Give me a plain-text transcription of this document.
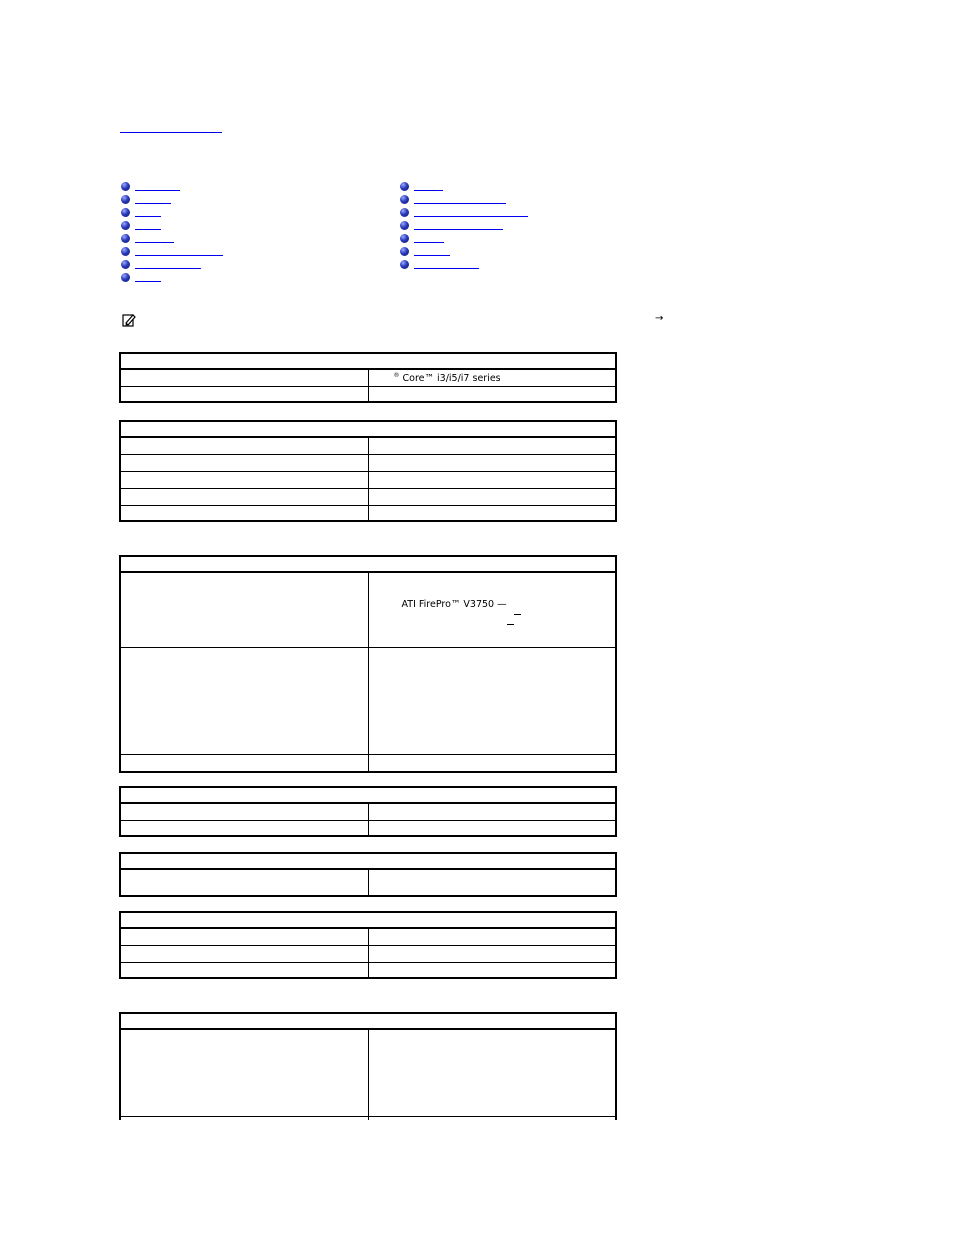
→

	® Core™ i3/i5/i7 series

	ATI FirePro™ V3750 —
